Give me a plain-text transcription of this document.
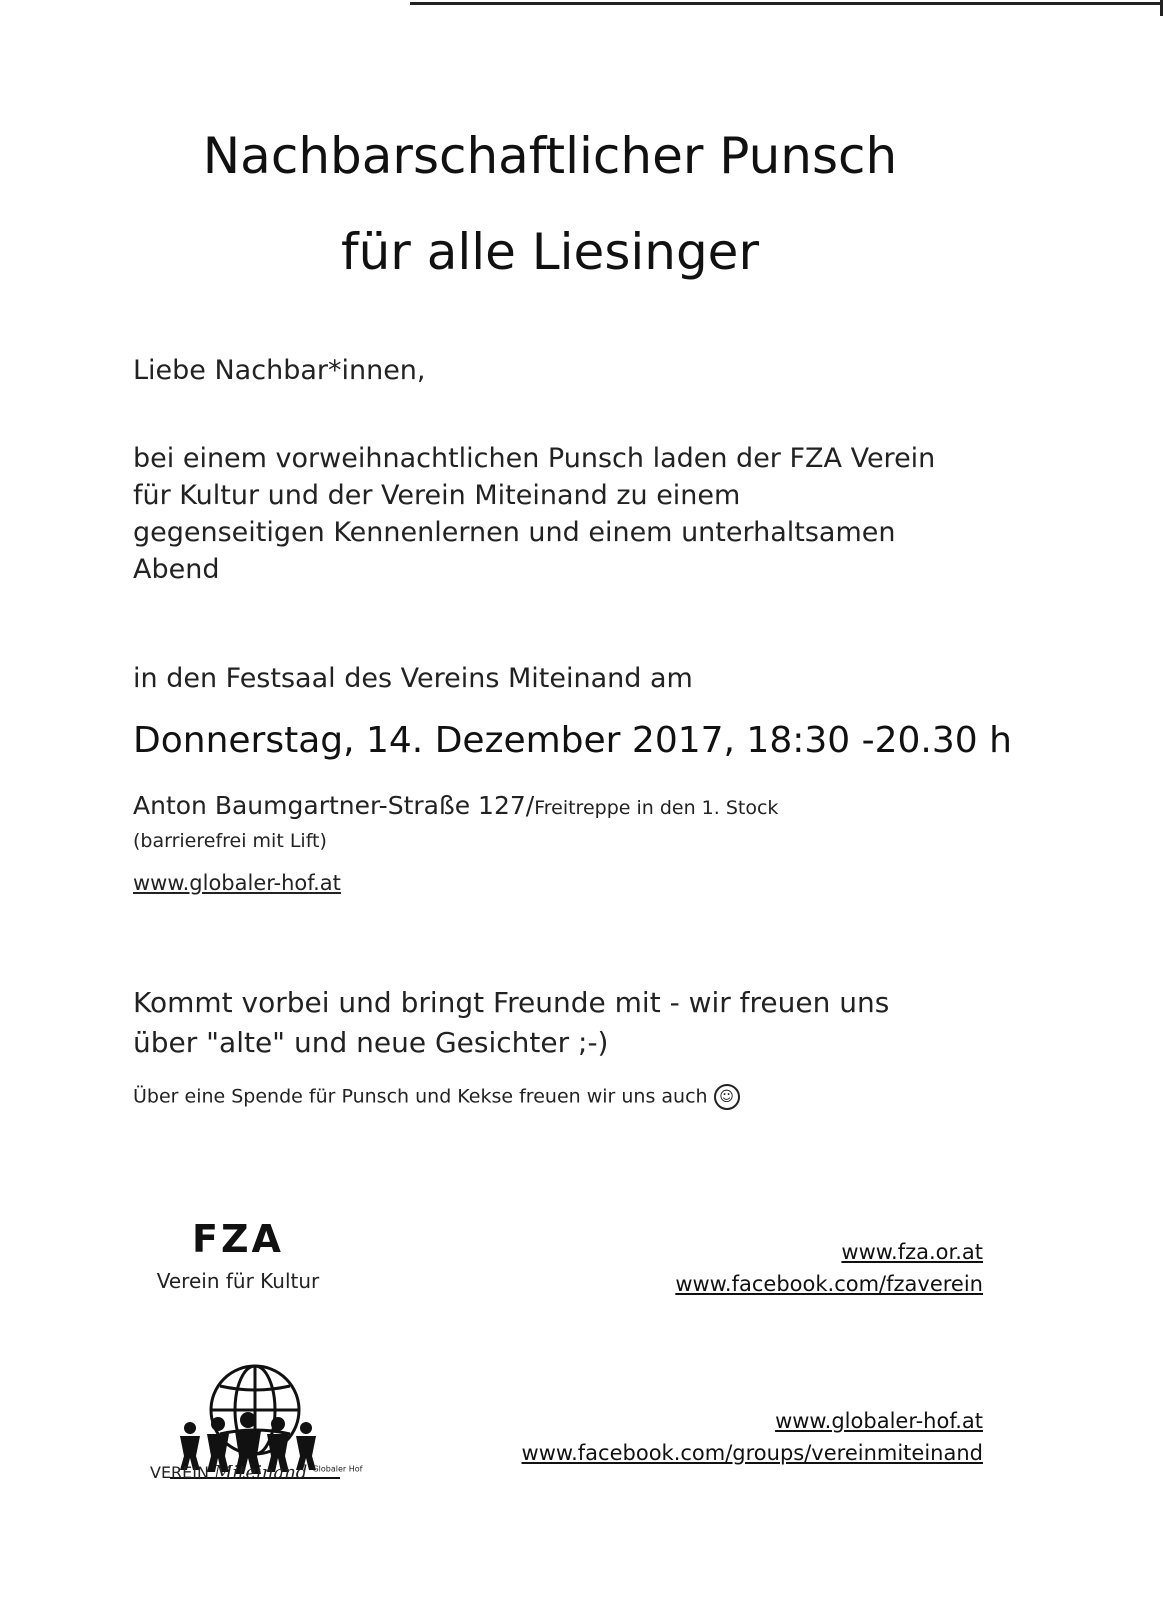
Nachbarschaftlicher Punsch
für alle Liesinger
Liebe Nachbar*innen,
bei einem vorweihnachtlichen Punsch laden der FZA Verein
für Kultur und der Verein Miteinand zu einem
gegenseitigen Kennenlernen und einem unterhaltsamen
Abend
in den Festsaal des Vereins Miteinand am
Donnerstag, 14. Dezember 2017, 18:30 -20.30 h
Anton Baumgartner-Straße 127/Freitreppe in den 1. Stock
(barrierefrei mit Lift)
www.globaler-hof.at
Kommt vorbei und bringt Freunde mit - wir freuen uns
über "alte" und neue Gesichter ;-)
Über eine Spende für Punsch und Kekse freuen wir uns auch ☺
FZA
Verein für Kultur
www.fza.or.at
www.facebook.com/fzaverein
VEREIN Miteinand $^{Globaler Hof}$
www.globaler-hof.at
www.facebook.com/groups/vereinmiteinand
